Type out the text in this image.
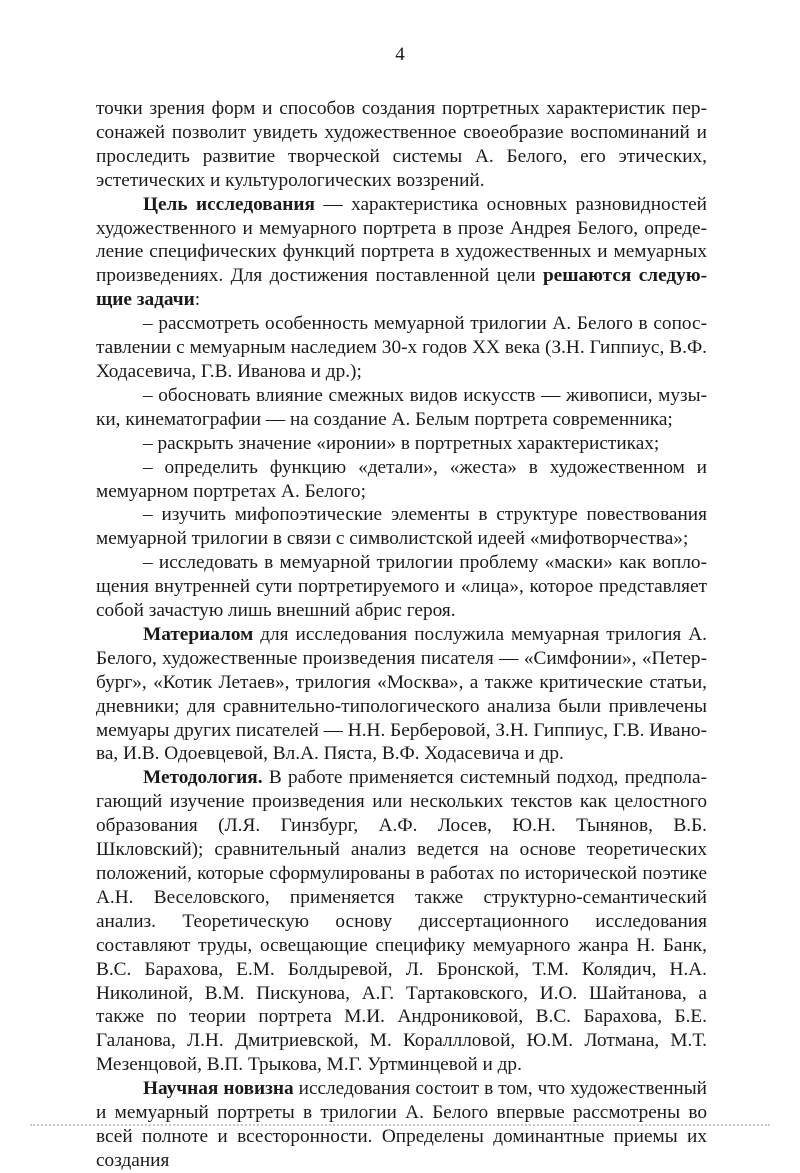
4

точки зрения форм и способов создания портретных характеристик персонажей позволит увидеть художественное своеобразие воспоминаний и проследить развитие творческой системы А. Белого, его этических, эстетических и культурологических воззрений.

Цель исследования — характеристика основных разновидностей художественного и мемуарного портрета в прозе Андрея Белого, определение специфических функций портрета в художественных и мемуарных произведениях. Для достижения поставленной цели решаются следующие задачи:

– рассмотреть особенность мемуарной трилогии А. Белого в сопоставлении с мемуарным наследием 30-х годов XX века (З.Н. Гиппиус, В.Ф. Ходасевича, Г.В. Иванова и др.);

– обосновать влияние смежных видов искусств — живописи, музыки, кинематографии — на создание А. Белым портрета современника;

– раскрыть значение «иронии» в портретных характеристиках;

– определить функцию «детали», «жеста» в художественном и мемуарном портретах А. Белого;

– изучить мифопоэтические элементы в структуре повествования мемуарной трилогии в связи с символистской идеей «мифотворчества»;

– исследовать в мемуарной трилогии проблему «маски» как воплощения внутренней сути портретируемого и «лица», которое представляет собой зачастую лишь внешний абрис героя.

Материалом для исследования послужила мемуарная трилогия А. Белого, художественные произведения писателя — «Симфонии», «Петербург», «Котик Летаев», трилогия «Москва», а также критические статьи, дневники; для сравнительно-типологического анализа были привлечены мемуары других писателей — Н.Н. Берберовой, З.Н. Гиппиус, Г.В. Иванова, И.В. Одоевцевой, Вл.А. Пяста, В.Ф. Ходасевича и др.

Методология. В работе применяется системный подход, предполагающий изучение произведения или нескольких текстов как целостного образования (Л.Я. Гинзбург, А.Ф. Лосев, Ю.Н. Тынянов, В.Б. Шкловский); сравнительный анализ ведется на основе теоретических положений, которые сформулированы в работах по исторической поэтике А.Н. Веселовского, применяется также структурно-семантический анализ. Теоретическую основу диссертационного исследования составляют труды, освещающие специфику мемуарного жанра Н. Банк, В.С. Барахова, Е.М. Болдыревой, Л. Бронской, Т.М. Колядич, Н.А. Николиной, В.М. Пискунова, А.Г. Тартаковского, И.О. Шайтанова, а также по теории портрета М.И. Андрониковой, В.С. Барахова, Б.Е. Галанова, Л.Н. Дмитриевской, М. Кораллловой, Ю.М. Лотмана, М.Т. Мезенцовой, В.П. Трыкова, М.Г. Уртминцевой и др.

Научная новизна исследования состоит в том, что художественный и мемуарный портреты в трилогии А. Белого впервые рассмотрены во всей полноте и всесторонности. Определены доминантные приемы их создания
